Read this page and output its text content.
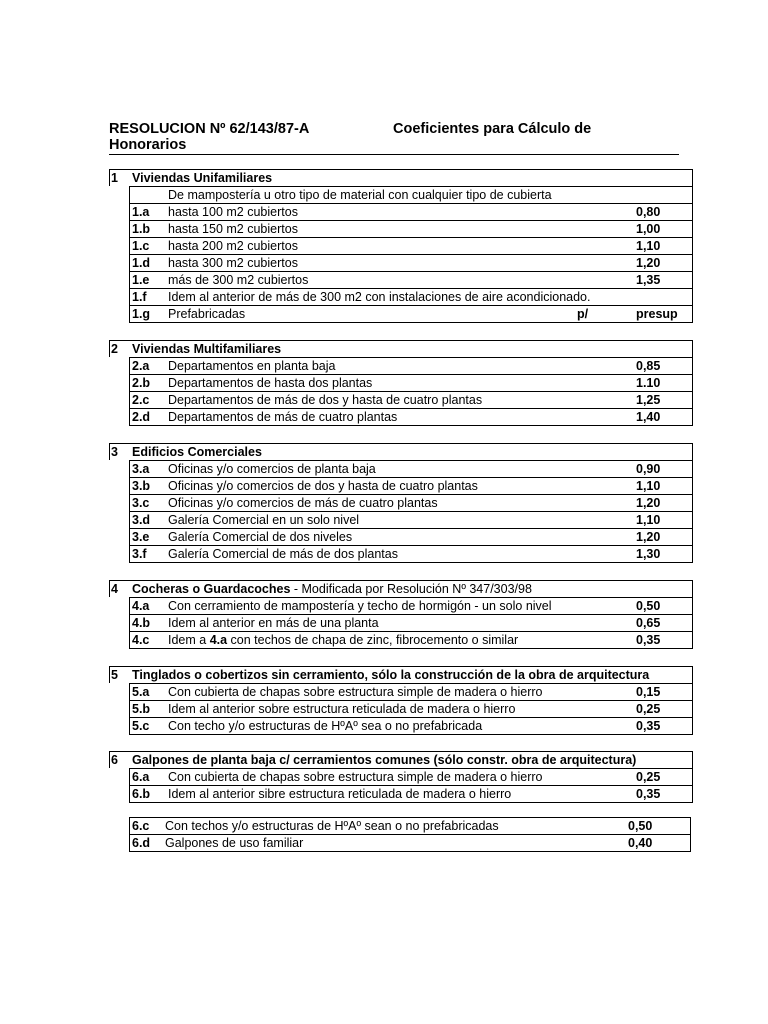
RESOLUCION Nº 62/143/87-A	Coeficientes para Cálculo de
Honorarios
1 Viviendas Unifamiliares
De mampostería u otro tipo de material con cualquier tipo de cubierta
1.a hasta 100 m2 cubiertos	0,80
1.b hasta 150 m2 cubiertos	1,00
1.c hasta 200 m2 cubiertos	1,10
1.d hasta 300 m2 cubiertos	1,20
1.e más de 300 m2 cubiertos	1,35
1.f Idem al anterior de más de 300 m2 con instalaciones de aire acondicionado.
1.g Prefabricadas	p/	presup
2 Viviendas Multifamiliares
2.a Departamentos en planta baja	0,85
2.b Departamentos de hasta dos plantas	1.10
2.c Departamentos de más de dos y hasta de cuatro plantas	1,25
2.d Departamentos de más de cuatro plantas	1,40
3 Edificios Comerciales
3.a Oficinas y/o comercios de planta baja	0,90
3.b Oficinas y/o comercios de dos y hasta de cuatro plantas	1,10
3.c Oficinas y/o comercios de más de cuatro plantas	1,20
3.d Galería Comercial en un solo nivel	1,10
3.e Galería Comercial de dos niveles	1,20
3.f Galería Comercial de más de dos plantas	1,30
4 Cocheras o Guardacoches - Modificada por Resolución Nº 347/303/98
4.a Con cerramiento de mampostería y techo de hormigón - un solo nivel	0,50
4.b Idem al anterior en más de una planta	0,65
4.c Idem a 4.a con techos de chapa de zinc, fibrocemento o similar	0,35
5 Tinglados o cobertizos sin cerramiento, sólo la construcción de la obra de arquitectura
5.a Con cubierta de chapas sobre estructura simple de madera o hierro	0,15
5.b Idem al anterior sobre estructura reticulada de madera o hierro	0,25
5.c Con techo y/o estructuras de HºAº sea o no prefabricada	0,35
6 Galpones de planta baja c/ cerramientos comunes (sólo constr. obra de arquitectura)
6.a Con cubierta de chapas sobre estructura simple de madera o hierro	0,25
6.b Idem al anterior sibre estructura reticulada de madera o hierro	0,35
6.c Con techos y/o estructuras de HºAº sean o no prefabricadas	0,50
6.d Galpones de uso familiar	0,40
